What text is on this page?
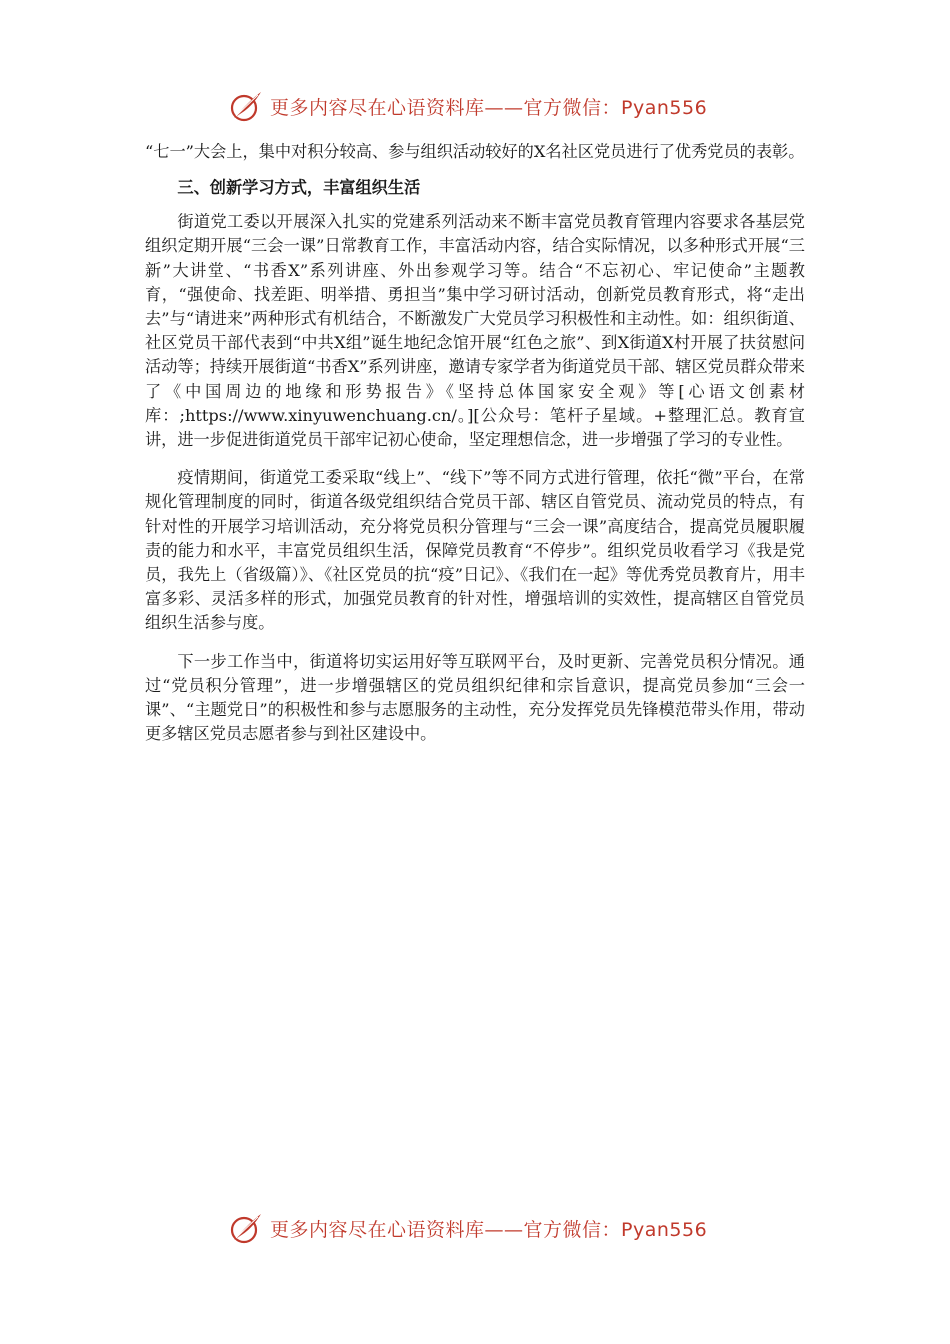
更多内容尽在心语资料库——官方微信：Pyan556

“七一”大会上，集中对积分较高、参与组织活动较好的X名社区党员进行了优秀党员的表彰。

三、创新学习方式，丰富组织生活

街道党工委以开展深入扎实的党建系列活动来不断丰富党员教育管理内容要求各基层党组织定期开展“三会一课”日常教育工作，丰富活动内容，结合实际情况，以多种形式开展“三新”大讲堂、“书香X”系列讲座、外出参观学习等。结合“不忘初心、牢记使命”主题教育，“强使命、找差距、明举措、勇担当”集中学习研讨活动，创新党员教育形式，将“走出去”与“请进来”两种形式有机结合，不断激发广大党员学习积极性和主动性。如：组织街道、社区党员干部代表到“中共X组”诞生地纪念馆开展“红色之旅”、到X街道X村开展了扶贫慰问活动等；持续开展街道“书香X”系列讲座，邀请专家学者为街道党员干部、辖区党员群众带来了《中国周边的地缘和形势报告》《坚持总体国家安全观》等[心语文创素材库：;https://www.xinyuwenchuang.cn/。][公众号：笔杆子星域。+整理汇总。教育宣讲，进一步促进街道党员干部牢记初心使命，坚定理想信念，进一步增强了学习的专业性。

疫情期间，街道党工委采取“线上”、“线下”等不同方式进行管理，依托“微”平台，在常规化管理制度的同时，街道各级党组织结合党员干部、辖区自管党员、流动党员的特点，有针对性的开展学习培训活动，充分将党员积分管理与“三会一课”高度结合，提高党员履职履责的能力和水平，丰富党员组织生活，保障党员教育“不停步”。组织党员收看学习《我是党员，我先上（省级篇）》、《社区党员的抗“疫”日记》、《我们在一起》等优秀党员教育片，用丰富多彩、灵活多样的形式，加强党员教育的针对性，增强培训的实效性，提高辖区自管党员组织生活参与度。

下一步工作当中，街道将切实运用好等互联网平台，及时更新、完善党员积分情况。通过“党员积分管理”，进一步增强辖区的党员组织纪律和宗旨意识，提高党员参加“三会一课”、“主题党日”的积极性和参与志愿服务的主动性，充分发挥党员先锋模范带头作用，带动更多辖区党员志愿者参与到社区建设中。

更多内容尽在心语资料库——官方微信：Pyan556
